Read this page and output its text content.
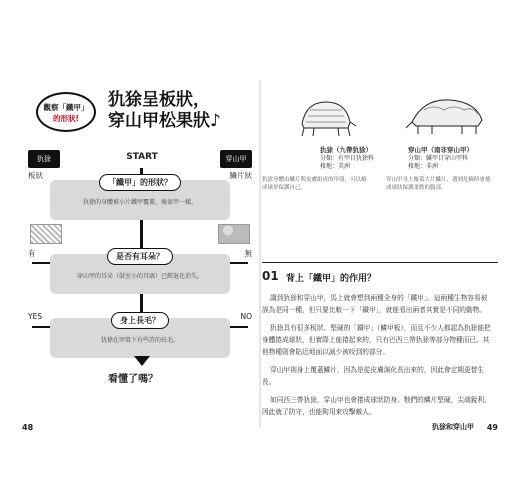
觀察「鐵甲」
的形狀!
犰狳呈板狀，
穿山甲松果狀♪
犰狳	穿山甲
START
「鐵甲」的形狀？
犰狳的身體被小片鐵甲覆蓋，像盔甲一樣。
板狀	鱗片狀
是否有耳朵？
穿山甲的耳朵（鼓室小的耳廓）已經退化消失。
有	無
身上長毛？
犰狳在甲殼下有些許的長毛。
YES	NO
看懂了嗎？
48
犰狳（九帶犰狳）
分類：有甲目犰狳科
棲地：美洲
穿山甲（南非穿山甲）
分類：鱗甲目穿山甲科
棲地：非洲
犰狳身體由鱗片與皮膚組成的甲殼，可以蜷成球形保護自己。
穿山甲身上覆蓋大片鱗片，遇到危險時會捲成球狀保護柔軟的腹部。
01 背上「鐵甲」的作用？

講到犰狳和穿山甲，馬上就會想到兩種全身的「鐵甲」。這兩種生物容易被誤為是同一種，但只要比較一下「鐵甲」，就能看出兩者其實是不同的動物。

犰狳具有很多板狀、堅硬的「鐵甲」（鱗甲板），而且不少人都認為犰狳能把身體捲成球狀，但實際上能捲起來的，只有巴西三帶犰狳等部分物種而已。其他物種則會貼近地面以減少被咬到的部分。

穿山甲則身上覆蓋鱗片，因為是從皮膚演化長出來的，因此會定期更替生長。

如同西三帶犰狳，穿山甲也會捲成球狀防身。牠們的鱗片堅硬、尖端銳利，因此就了防守，也能夠用來攻擊敵人。

犰狳和穿山甲 49
